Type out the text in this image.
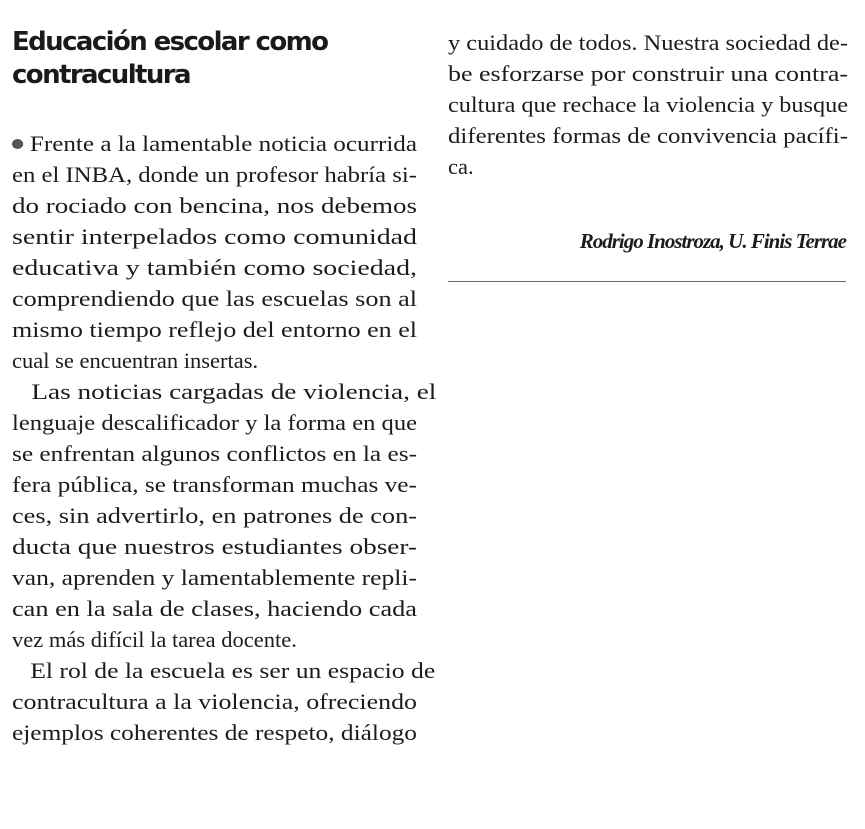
Educación escolar como
contracultura
Frente a la lamentable noticia ocurrida
en el INBA, donde un profesor habría si-
do rociado con bencina, nos debemos
sentir interpelados como comunidad
educativa y también como sociedad,
comprendiendo que las escuelas son al
mismo tiempo reflejo del entorno en el
cual se encuentran insertas.
Las noticias cargadas de violencia, el
lenguaje descalificador y la forma en que
se enfrentan algunos conflictos en la es-
fera pública, se transforman muchas ve-
ces, sin advertirlo, en patrones de con-
ducta que nuestros estudiantes obser-
van, aprenden y lamentablemente repli-
can en la sala de clases, haciendo cada
vez más difícil la tarea docente.
El rol de la escuela es ser un espacio de
contracultura a la violencia, ofreciendo
ejemplos coherentes de respeto, diálogo
y cuidado de todos. Nuestra sociedad de-
be esforzarse por construir una contra-
cultura que rechace la violencia y busque
diferentes formas de convivencia pacífi-
ca.
Rodrigo Inostroza, U. Finis Terrae
